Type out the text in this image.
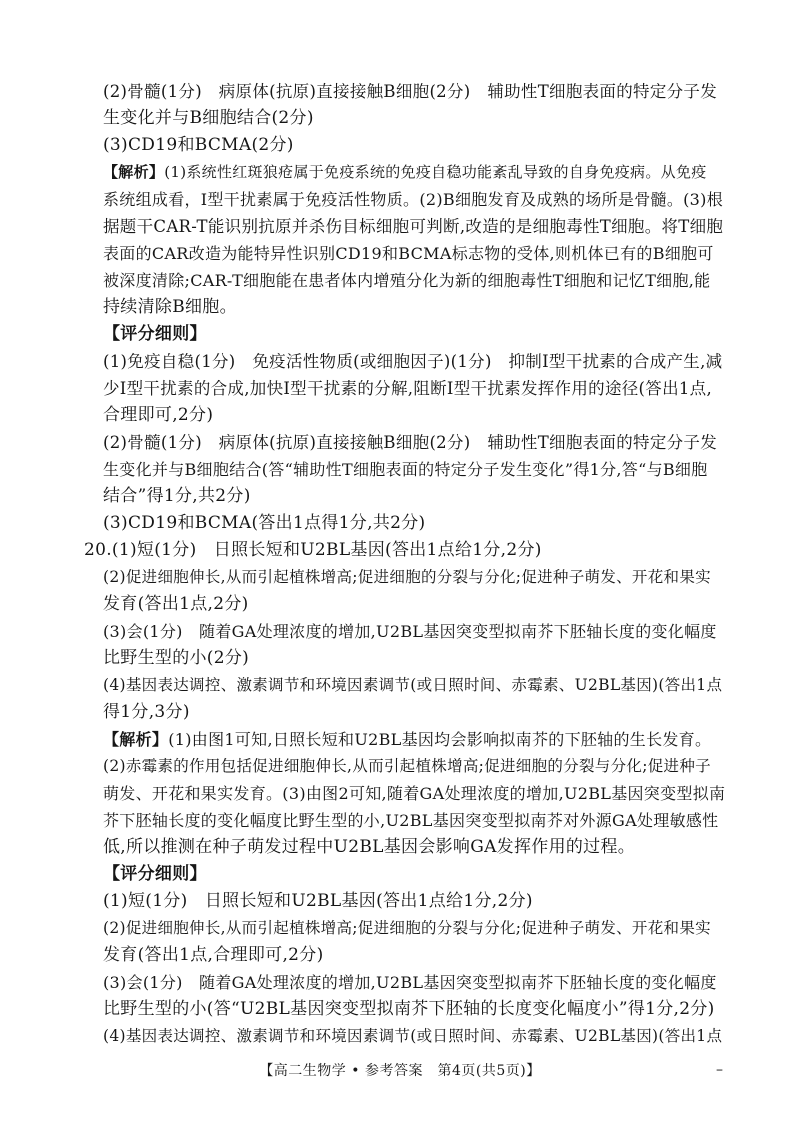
(2)骨髓(1分)　病原体(抗原)直接接触B细胞(2分)　辅助性T细胞表面的特定分子发
生变化并与B细胞结合(2分)
(3)CD19和BCMA(2分)
【解析】(1)系统性红斑狼疮属于免疫系统的免疫自稳功能紊乱导致的自身免疫病。从免疫
系统组成看，Ⅰ型干扰素属于免疫活性物质。(2)B细胞发育及成熟的场所是骨髓。(3)根
据题干CAR-T能识别抗原并杀伤目标细胞可判断,改造的是细胞毒性T细胞。将T细胞
表面的CAR改造为能特异性识别CD19和BCMA标志物的受体,则机体已有的B细胞可
被深度清除;CAR-T细胞能在患者体内增殖分化为新的细胞毒性T细胞和记忆T细胞,能
持续清除B细胞。
【评分细则】
(1)免疫自稳(1分)　免疫活性物质(或细胞因子)(1分)　抑制Ⅰ型干扰素的合成产生,减
少Ⅰ型干扰素的合成,加快Ⅰ型干扰素的分解,阻断Ⅰ型干扰素发挥作用的途径(答出1点,
合理即可,2分)
(2)骨髓(1分)　病原体(抗原)直接接触B细胞(2分)　辅助性T细胞表面的特定分子发
生变化并与B细胞结合(答“辅助性T细胞表面的特定分子发生变化”得1分,答“与B细胞
结合”得1分,共2分)
(3)CD19和BCMA(答出1点得1分,共2分)
20.(1)短(1分)　日照长短和U2BL基因(答出1点给1分,2分)
(2)促进细胞伸长,从而引起植株增高;促进细胞的分裂与分化;促进种子萌发、开花和果实
发育(答出1点,2分)
(3)会(1分)　随着GA处理浓度的增加,U2BL基因突变型拟南芥下胚轴长度的变化幅度
比野生型的小(2分)
(4)基因表达调控、激素调节和环境因素调节(或日照时间、赤霉素、U2BL基因)(答出1点
得1分,3分)
【解析】(1)由图1可知,日照长短和U2BL基因均会影响拟南芥的下胚轴的生长发育。
(2)赤霉素的作用包括促进细胞伸长,从而引起植株增高;促进细胞的分裂与分化;促进种子
萌发、开花和果实发育。(3)由图2可知,随着GA处理浓度的增加,U2BL基因突变型拟南
芥下胚轴长度的变化幅度比野生型的小,U2BL基因突变型拟南芥对外源GA处理敏感性
低,所以推测在种子萌发过程中U2BL基因会影响GA发挥作用的过程。
【评分细则】
(1)短(1分)　日照长短和U2BL基因(答出1点给1分,2分)
(2)促进细胞伸长,从而引起植株增高;促进细胞的分裂与分化;促进种子萌发、开花和果实
发育(答出1点,合理即可,2分)
(3)会(1分)　随着GA处理浓度的增加,U2BL基因突变型拟南芥下胚轴长度的变化幅度
比野生型的小(答“U2BL基因突变型拟南芥下胚轴的长度变化幅度小”得1分,2分)
(4)基因表达调控、激素调节和环境因素调节(或日照时间、赤霉素、U2BL基因)(答出1点
【高二生物学 • 参考答案　第4页(共5页)】	–
